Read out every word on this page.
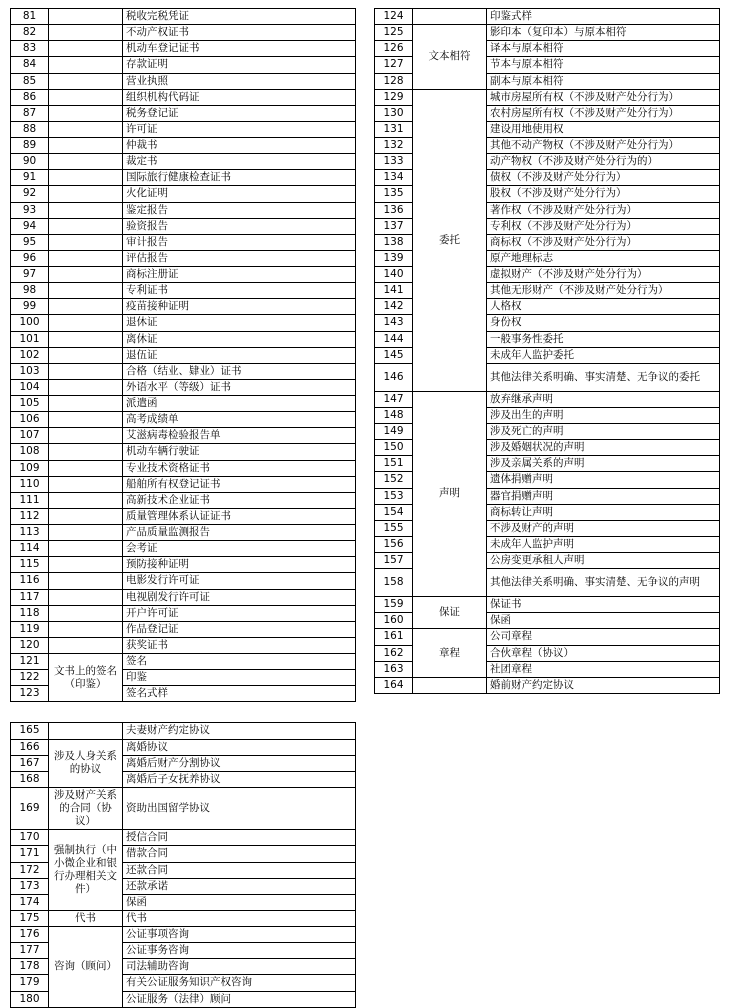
81		税收完税凭证
82		不动产权证书
83		机动车登记证书
84		存款证明
85		营业执照
86		组织机构代码证
87		税务登记证
88		许可证
89		仲裁书
90		裁定书
91		国际旅行健康检查证书
92		火化证明
93		鉴定报告
94		验资报告
95		审计报告
96		评估报告
97		商标注册证
98		专利证书
99		疫苗接种证明
100		退休证
101		离休证
102		退伍证
103		合格（结业、肄业）证书
104		外语水平（等级）证书
105		派遣函
106		高考成绩单
107		艾滋病毒检验报告单
108		机动车辆行驶证
109		专业技术资格证书
110		船舶所有权登记证书
111		高新技术企业证书
112		质量管理体系认证证书
113		产品质量监测报告
114		会考证
115		预防接种证明
116		电影发行许可证
117		电视剧发行许可证
118		开户许可证
119		作品登记证
120		获奖证书
121	文书上的签名（印鉴）	签名
122		印鉴
123		签名式样
124		印鉴式样
125	文本相符	影印本（复印本）与原本相符
126		译本与原本相符
127		节本与原本相符
128		副本与原本相符
129	委托	城市房屋所有权（不涉及财产处分行为）
130		农村房屋所有权（不涉及财产处分行为）
131		建设用地使用权
132		其他不动产物权（不涉及财产处分行为）
133		动产物权（不涉及财产处分行为的）
134		债权（不涉及财产处分行为）
135		股权（不涉及财产处分行为）
136		著作权（不涉及财产处分行为）
137		专利权（不涉及财产处分行为）
138		商标权（不涉及财产处分行为）
139		原产地理标志
140		虚拟财产（不涉及财产处分行为）
141		其他无形财产（不涉及财产处分行为）
142		人格权
143		身份权
144		一般事务性委托
145		未成年人监护委托
146		其他法律关系明确、事实清楚、无争议的委托
147	声明	放弃继承声明
148		涉及出生的声明
149		涉及死亡的声明
150		涉及婚姻状况的声明
151		涉及亲属关系的声明
152		遗体捐赠声明
153		器官捐赠声明
154		商标转让声明
155		不涉及财产的声明
156		未成年人监护声明
157		公房变更承租人声明
158		其他法律关系明确、事实清楚、无争议的声明
159	保证	保证书
160		保函
161	章程	公司章程
162		合伙章程（协议）
163		社团章程
164		婚前财产约定协议
165		夫妻财产约定协议
166	涉及人身关系的协议	离婚协议
167		离婚后财产分割协议
168		离婚后子女抚养协议
169	涉及财产关系的合同（协议）	资助出国留学协议
170	强制执行（中小微企业和银行办理相关文件）	授信合同
171		借款合同
172		还款合同
173		还款承诺
174		保函
175	代书	代书
176	咨询（顾问）	公证事项咨询
177		公证事务咨询
178		司法辅助咨询
179		有关公证服务知识产权咨询
180		公证服务（法律）顾问
